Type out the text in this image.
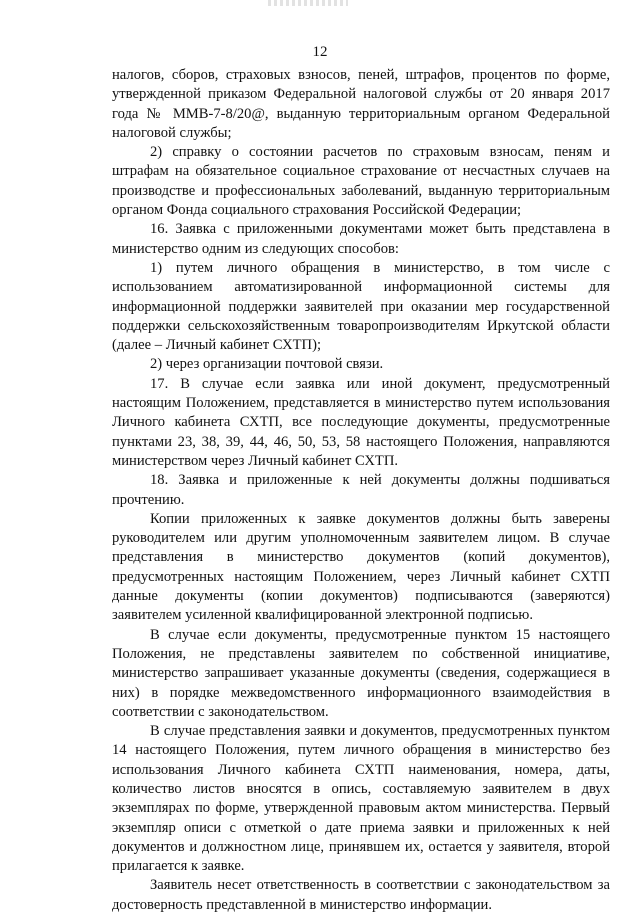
12

налогов, сборов, страховых взносов, пеней, штрафов, процентов по форме, утвержденной приказом Федеральной налоговой службы от 20 января 2017 года № ММВ-7-8/20@, выданную территориальным органом Федеральной налоговой службы;

2) справку о состоянии расчетов по страховым взносам, пеням и штрафам на обязательное социальное страхование от несчастных случаев на производстве и профессиональных заболеваний, выданную территориальным органом Фонда социального страхования Российской Федерации;

16. Заявка с приложенными документами может быть представлена в министерство одним из следующих способов:

1) путем личного обращения в министерство, в том числе с использованием автоматизированной информационной системы для информационной поддержки заявителей при оказании мер государственной поддержки сельскохозяйственным товаропроизводителям Иркутской области (далее – Личный кабинет СХТП);

2) через организации почтовой связи.

17. В случае если заявка или иной документ, предусмотренный настоящим Положением, представляется в министерство путем использования Личного кабинета СХТП, все последующие документы, предусмотренные пунктами 23, 38, 39, 44, 46, 50, 53, 58 настоящего Положения, направляются министерством через Личный кабинет СХТП.

18. Заявка и приложенные к ней документы должны подшиваться прочтению.

Копии приложенных к заявке документов должны быть заверены руководителем или другим уполномоченным заявителем лицом. В случае представления в министерство документов (копий документов), предусмотренных настоящим Положением, через Личный кабинет СХТП данные документы (копии документов) подписываются (заверяются) заявителем усиленной квалифицированной электронной подписью.

В случае если документы, предусмотренные пунктом 15 настоящего Положения, не представлены заявителем по собственной инициативе, министерство запрашивает указанные документы (сведения, содержащиеся в них) в порядке межведомственного информационного взаимодействия в соответствии с законодательством.

В случае представления заявки и документов, предусмотренных пунктом 14 настоящего Положения, путем личного обращения в министерство без использования Личного кабинета СХТП наименования, номера, даты, количество листов вносятся в опись, составляемую заявителем в двух экземплярах по форме, утвержденной правовым актом министерства. Первый экземпляр описи с отметкой о дате приема заявки и приложенных к ней документов и должностном лице, принявшем их, остается у заявителя, второй прилагается к заявке.

Заявитель несет ответственность в соответствии с законодательством за достоверность представленной в министерство информации.
